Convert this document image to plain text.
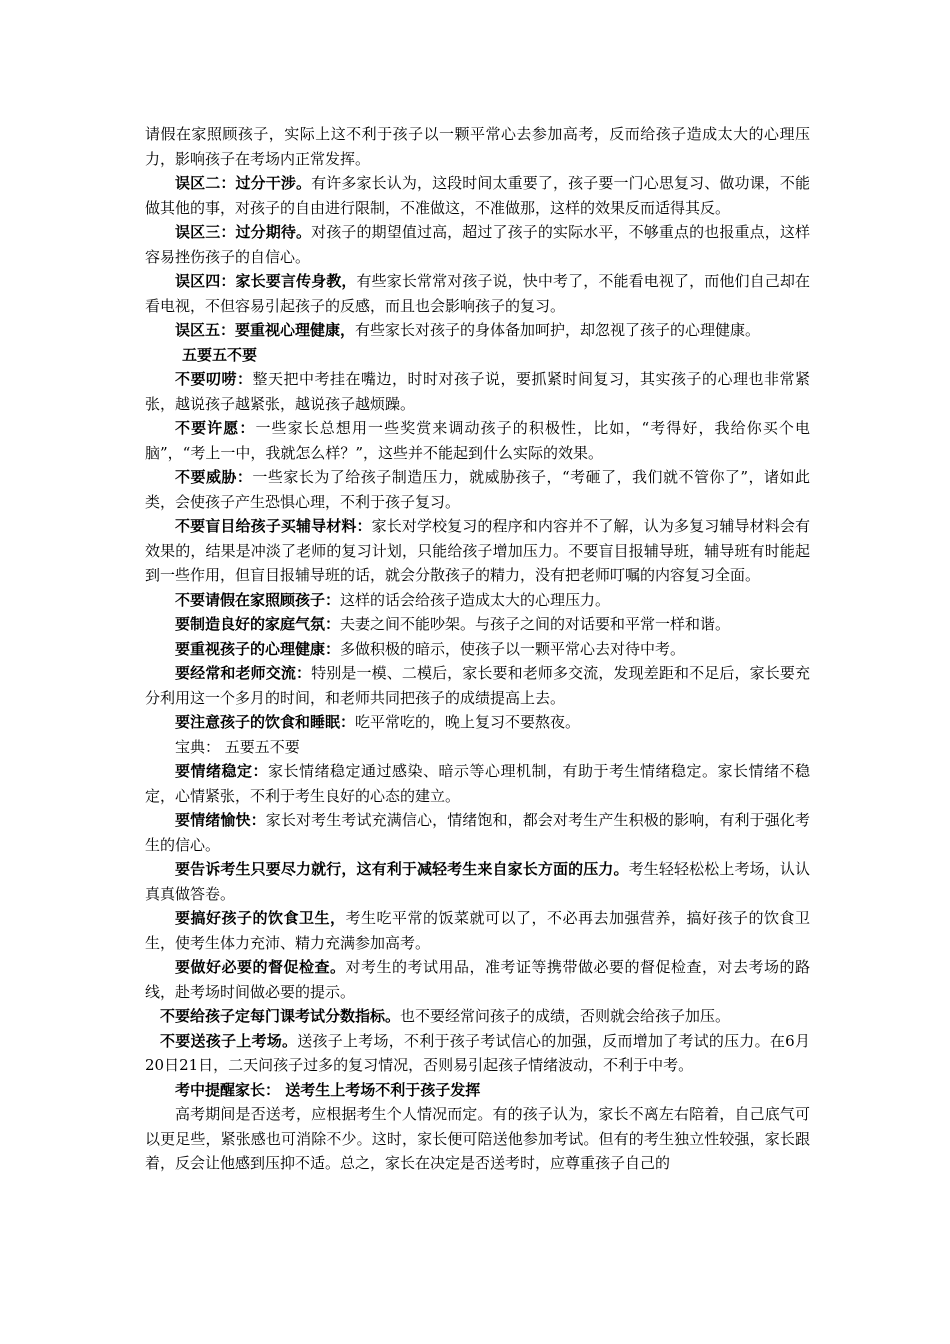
请假在家照顾孩子，实际上这不利于孩子以一颗平常心去参加高考，反而给孩子造成太大的心理压力，影响孩子在考场内正常发挥。

误区二：过分干涉。有许多家长认为，这段时间太重要了，孩子要一门心思复习、做功课，不能做其他的事，对孩子的自由进行限制，不准做这，不准做那，这样的效果反而适得其反。

误区三：过分期待。对孩子的期望值过高，超过了孩子的实际水平，不够重点的也报重点，这样容易挫伤孩子的自信心。

误区四：家长要言传身教，有些家长常常对孩子说，快中考了，不能看电视了，而他们自己却在看电视，不但容易引起孩子的反感，而且也会影响孩子的复习。

误区五：要重视心理健康，有些家长对孩子的身体备加呵护，却忽视了孩子的心理健康。

五要五不要

不要叨唠：整天把中考挂在嘴边，时时对孩子说，要抓紧时间复习，其实孩子的心理也非常紧张，越说孩子越紧张，越说孩子越烦躁。

不要许愿：一些家长总想用一些奖赏来调动孩子的积极性，比如，“考得好，我给你买个电脑”，“考上一中，我就怎么样？”，这些并不能起到什么实际的效果。

不要威胁：一些家长为了给孩子制造压力，就威胁孩子，“考砸了，我们就不管你了”，诸如此类，会使孩子产生恐惧心理，不利于孩子复习。

不要盲目给孩子买辅导材料：家长对学校复习的程序和内容并不了解，认为多复习辅导材料会有效果的，结果是冲淡了老师的复习计划，只能给孩子增加压力。不要盲目报辅导班，辅导班有时能起到一些作用，但盲目报辅导班的话，就会分散孩子的精力，没有把老师叮嘱的内容复习全面。

不要请假在家照顾孩子：这样的话会给孩子造成太大的心理压力。

要制造良好的家庭气氛：夫妻之间不能吵架。与孩子之间的对话要和平常一样和谐。

要重视孩子的心理健康：多做积极的暗示，使孩子以一颗平常心去对待中考。

要经常和老师交流：特别是一模、二模后，家长要和老师多交流，发现差距和不足后，家长要充分利用这一个多月的时间，和老师共同把孩子的成绩提高上去。

要注意孩子的饮食和睡眠：吃平常吃的，晚上复习不要熬夜。

宝典： 五要五不要

要情绪稳定：家长情绪稳定通过感染、暗示等心理机制，有助于考生情绪稳定。家长情绪不稳定，心情紧张，不利于考生良好的心态的建立。

要情绪愉快：家长对考生考试充满信心，情绪饱和，都会对考生产生积极的影响，有利于强化考生的信心。

要告诉考生只要尽力就行，这有利于减轻考生来自家长方面的压力。考生轻轻松松上考场，认认真真做答卷。

要搞好孩子的饮食卫生，考生吃平常的饭菜就可以了，不必再去加强营养，搞好孩子的饮食卫生，使考生体力充沛、精力充满参加高考。

要做好必要的督促检查。对考生的考试用品，准考证等携带做必要的督促检查，对去考场的路线，赴考场时间做必要的提示。

不要给孩子定每门课考试分数指标。也不要经常问孩子的成绩，否则就会给孩子加压。

不要送孩子上考场。送孩子上考场，不利于孩子考试信心的加强，反而增加了考试的压力。在6月20日21日，二天问孩子过多的复习情况，否则易引起孩子情绪波动，不利于中考。

考中提醒家长： 送考生上考场不利于孩子发挥

高考期间是否送考，应根据考生个人情况而定。有的孩子认为，家长不离左右陪着，自己底气可以更足些，紧张感也可消除不少。这时，家长便可陪送他参加考试。但有的考生独立性较强，家长跟着，反会让他感到压抑不适。总之，家长在决定是否送考时，应尊重孩子自己的
